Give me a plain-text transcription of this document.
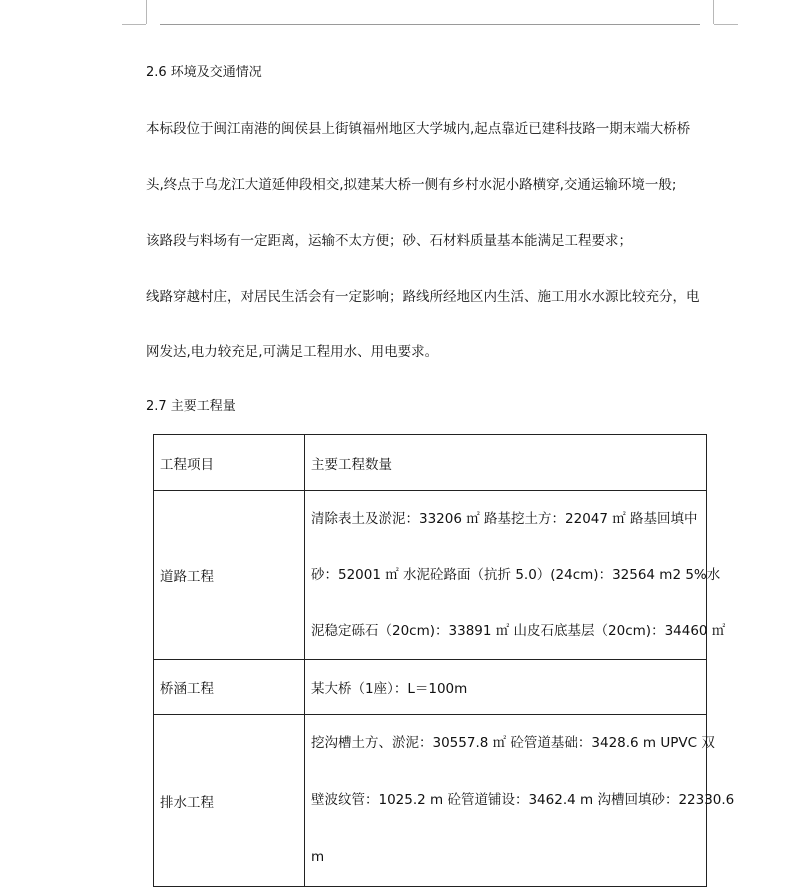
2.6 环境及交通情况
本标段位于闽江南港的闽侯县上街镇福州地区大学城内,起点靠近已建科技路一期末端大桥桥
头,终点于乌龙江大道延伸段相交,拟建某大桥一侧有乡村水泥小路横穿,交通运输环境一般;
该路段与料场有一定距离，运输不太方便；砂、石材料质量基本能满足工程要求；
线路穿越村庄，对居民生活会有一定影响；路线所经地区内生活、施工用水水源比较充分，电
网发达,电力较充足,可满足工程用水、用电要求。
2.7 主要工程量
工程项目	主要工程数量
道路工程	清除表土及淤泥：33206 ㎡ 路基挖土方：22047 ㎡ 路基回填中
砂：52001 ㎡ 水泥砼路面（抗折 5.0）(24cm)：32564 m2 5%水
泥稳定砾石（20cm)：33891 ㎡ 山皮石底基层（20cm)：34460 ㎡

桥涵工程	某大桥（1座）：L＝100m

排水工程	挖沟槽土方、淤泥：30557.8 ㎡ 砼管道基础：3428.6 m UPVC 双
壁波纹管：1025.2 m 砼管道铺设：3462.4 m 沟槽回填砂：22330.6
m
